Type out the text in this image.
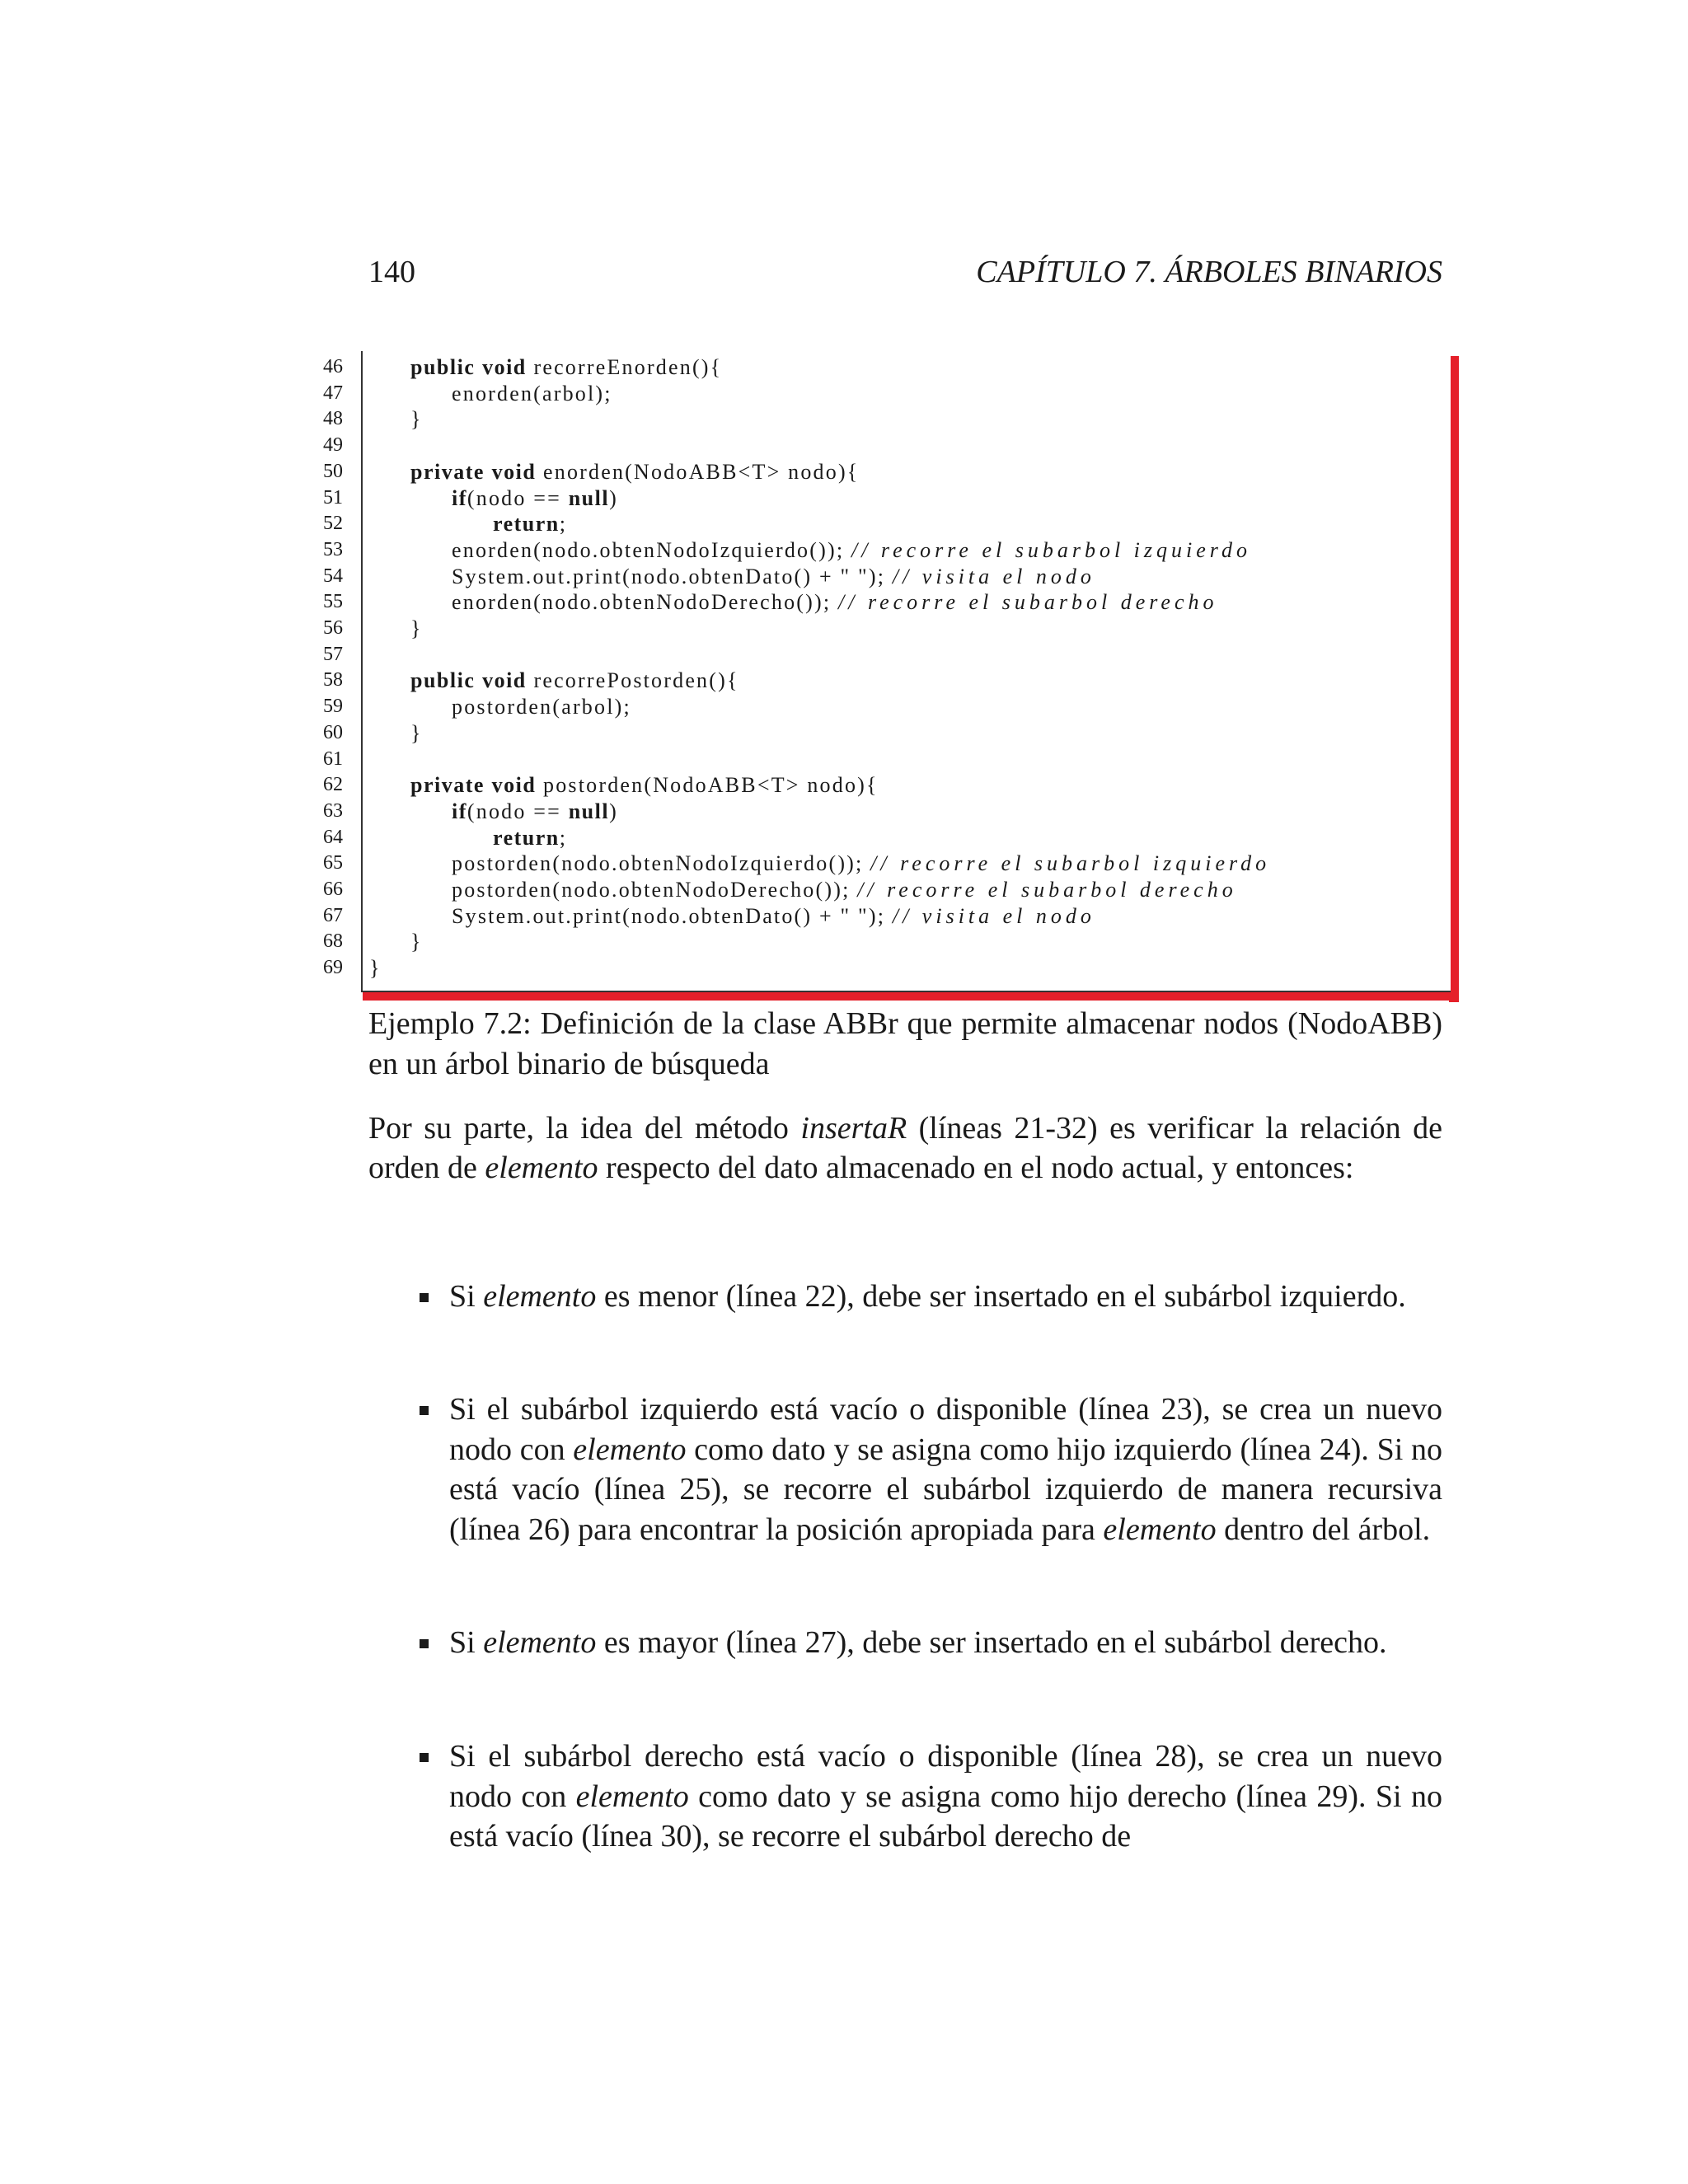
140	CAPÍTULO 7. ÁRBOLES BINARIOS
46	public void recorreEnorden(){
47	enorden(arbol);
48	}
49
50	private void enorden(NodoABB<T> nodo){
51	if(nodo == null)
52	return;
53	enorden(nodo.obtenNodoIzquierdo()); // recorre el subarbol izquierdo
54	System.out.print(nodo.obtenDato() + " "); // visita el nodo
55	enorden(nodo.obtenNodoDerecho()); // recorre el subarbol derecho
56	}
57
58	public void recorrePostorden(){
59	postorden(arbol);
60	}
61
62	private void postorden(NodoABB<T> nodo){
63	if(nodo == null)
64	return;
65	postorden(nodo.obtenNodoIzquierdo()); // recorre el subarbol izquierdo
66	postorden(nodo.obtenNodoDerecho()); // recorre el subarbol derecho
67	System.out.print(nodo.obtenDato() + " "); // visita el nodo
68	}
69 }
Ejemplo 7.2: Definición de la clase ABBr que permite almacenar nodos (NodoABB) en un árbol binario de búsqueda
Por su parte, la idea del método insertaR (líneas 21-32) es verificar la relación de orden de elemento respecto del dato almacenado en el nodo actual, y entonces:
Si elemento es menor (línea 22), debe ser insertado en el subárbol izquierdo.
Si el subárbol izquierdo está vacío o disponible (línea 23), se crea un nuevo nodo con elemento como dato y se asigna como hijo izquierdo (línea 24). Si no está vacío (línea 25), se recorre el subárbol izquierdo de manera recursiva (línea 26) para encontrar la posición apropiada para elemento dentro del árbol.
Si elemento es mayor (línea 27), debe ser insertado en el subárbol derecho.
Si el subárbol derecho está vacío o disponible (línea 28), se crea un nuevo nodo con elemento como dato y se asigna como hijo derecho (línea 29). Si no está vacío (línea 30), se recorre el subárbol derecho de
